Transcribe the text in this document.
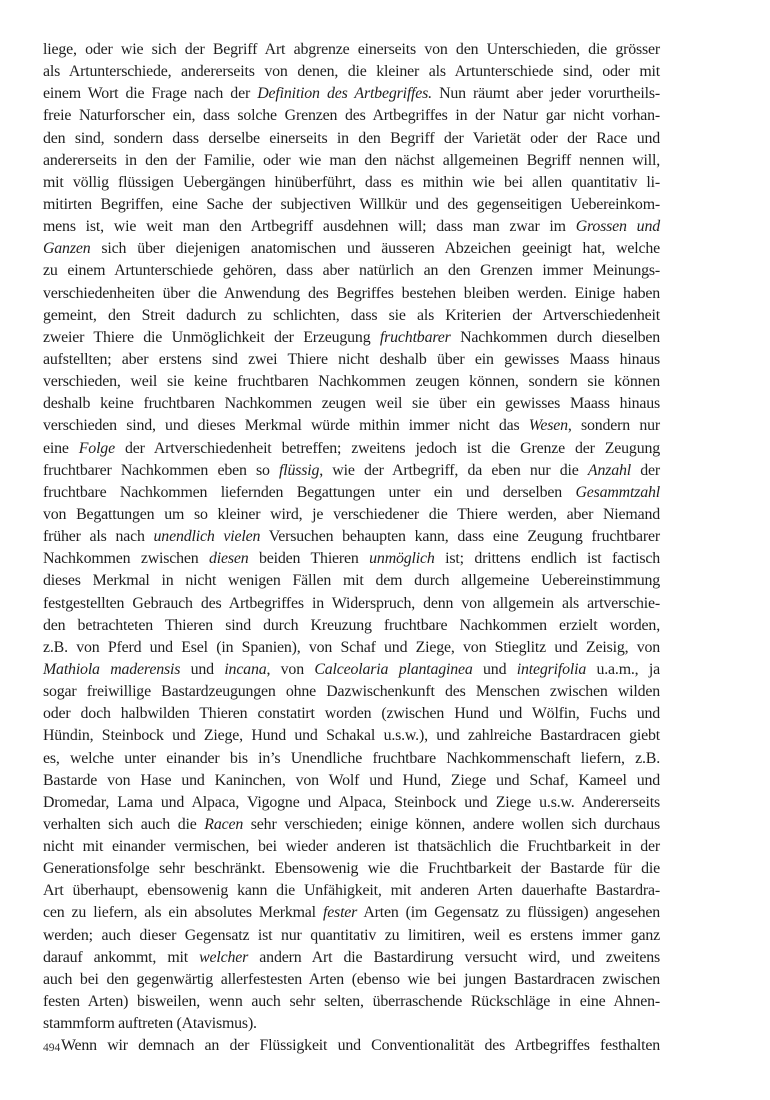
liege, oder wie sich der Begriff Art abgrenze einerseits von den Unterschieden, die grösser
als Artunterschiede, andererseits von denen, die kleiner als Artunterschiede sind, oder mit
einem Wort die Frage nach der Definition des Artbegriffes. Nun räumt aber jeder vorurtheils-
freie Naturforscher ein, dass solche Grenzen des Artbegriffes in der Natur gar nicht vorhan-
den sind, sondern dass derselbe einerseits in den Begriff der Varietät oder der Race und
andererseits in den der Familie, oder wie man den nächst allgemeinen Begriff nennen will,
mit völlig flüssigen Uebergängen hinüberführt, dass es mithin wie bei allen quantitativ li-
mitirten Begriffen, eine Sache der subjectiven Willkür und des gegenseitigen Uebereinkom-
mens ist, wie weit man den Artbegriff ausdehnen will; dass man zwar im Grossen und
Ganzen sich über diejenigen anatomischen und äusseren Abzeichen geeinigt hat, welche
zu einem Artunterschiede gehören, dass aber natürlich an den Grenzen immer Meinungs-
verschiedenheiten über die Anwendung des Begriffes bestehen bleiben werden. Einige haben
gemeint, den Streit dadurch zu schlichten, dass sie als Kriterien der Artverschiedenheit
zweier Thiere die Unmöglichkeit der Erzeugung fruchtbarer Nachkommen durch dieselben
aufstellten; aber erstens sind zwei Thiere nicht deshalb über ein gewisses Maass hinaus
verschieden, weil sie keine fruchtbaren Nachkommen zeugen können, sondern sie können
deshalb keine fruchtbaren Nachkommen zeugen weil sie über ein gewisses Maass hinaus
verschieden sind, und dieses Merkmal würde mithin immer nicht das Wesen, sondern nur
eine Folge der Artverschiedenheit betreffen; zweitens jedoch ist die Grenze der Zeugung
fruchtbarer Nachkommen eben so flüssig, wie der Artbegriff, da eben nur die Anzahl der
fruchtbare Nachkommen liefernden Begattungen unter ein und derselben Gesammtzahl
von Begattungen um so kleiner wird, je verschiedener die Thiere werden, aber Niemand
früher als nach unendlich vielen Versuchen behaupten kann, dass eine Zeugung fruchtbarer
Nachkommen zwischen diesen beiden Thieren unmöglich ist; drittens endlich ist factisch
dieses Merkmal in nicht wenigen Fällen mit dem durch allgemeine Uebereinstimmung
festgestellten Gebrauch des Artbegriffes in Widerspruch, denn von allgemein als artverschie-
den betrachteten Thieren sind durch Kreuzung fruchtbare Nachkommen erzielt worden,
z.B. von Pferd und Esel (in Spanien), von Schaf und Ziege, von Stieglitz und Zeisig, von
Mathiola maderensis und incana, von Calceolaria plantaginea und integrifolia u.a.m., ja
sogar freiwillige Bastardzeugungen ohne Dazwischenkunft des Menschen zwischen wilden
oder doch halbwilden Thieren constatirt worden (zwischen Hund und Wölfin, Fuchs und
Hündin, Steinbock und Ziege, Hund und Schakal u.s.w.), und zahlreiche Bastardracen giebt
es, welche unter einander bis in’s Unendliche fruchtbare Nachkommenschaft liefern, z.B.
Bastarde von Hase und Kaninchen, von Wolf und Hund, Ziege und Schaf, Kameel und
Dromedar, Lama und Alpaca, Vigogne und Alpaca, Steinbock und Ziege u.s.w. Andererseits
verhalten sich auch die Racen sehr verschieden; einige können, andere wollen sich durchaus
nicht mit einander vermischen, bei wieder anderen ist thatsächlich die Fruchtbarkeit in der
Generationsfolge sehr beschränkt. Ebensowenig wie die Fruchtbarkeit der Bastarde für die
Art überhaupt, ebensowenig kann die Unfähigkeit, mit anderen Arten dauerhafte Bastardra-
cen zu liefern, als ein absolutes Merkmal fester Arten (im Gegensatz zu flüssigen) angesehen
werden; auch dieser Gegensatz ist nur quantitativ zu limitiren, weil es erstens immer ganz
darauf ankommt, mit welcher andern Art die Bastardirung versucht wird, und zweitens
auch bei den gegenwärtig allerfestesten Arten (ebenso wie bei jungen Bastardracen zwischen
festen Arten) bisweilen, wenn auch sehr selten, überraschende Rückschläge in eine Ahnen-
stammform auftreten (Atavismus).
Wenn wir demnach an der Flüssigkeit und Conventionalität des Artbegriffes festhalten
494
